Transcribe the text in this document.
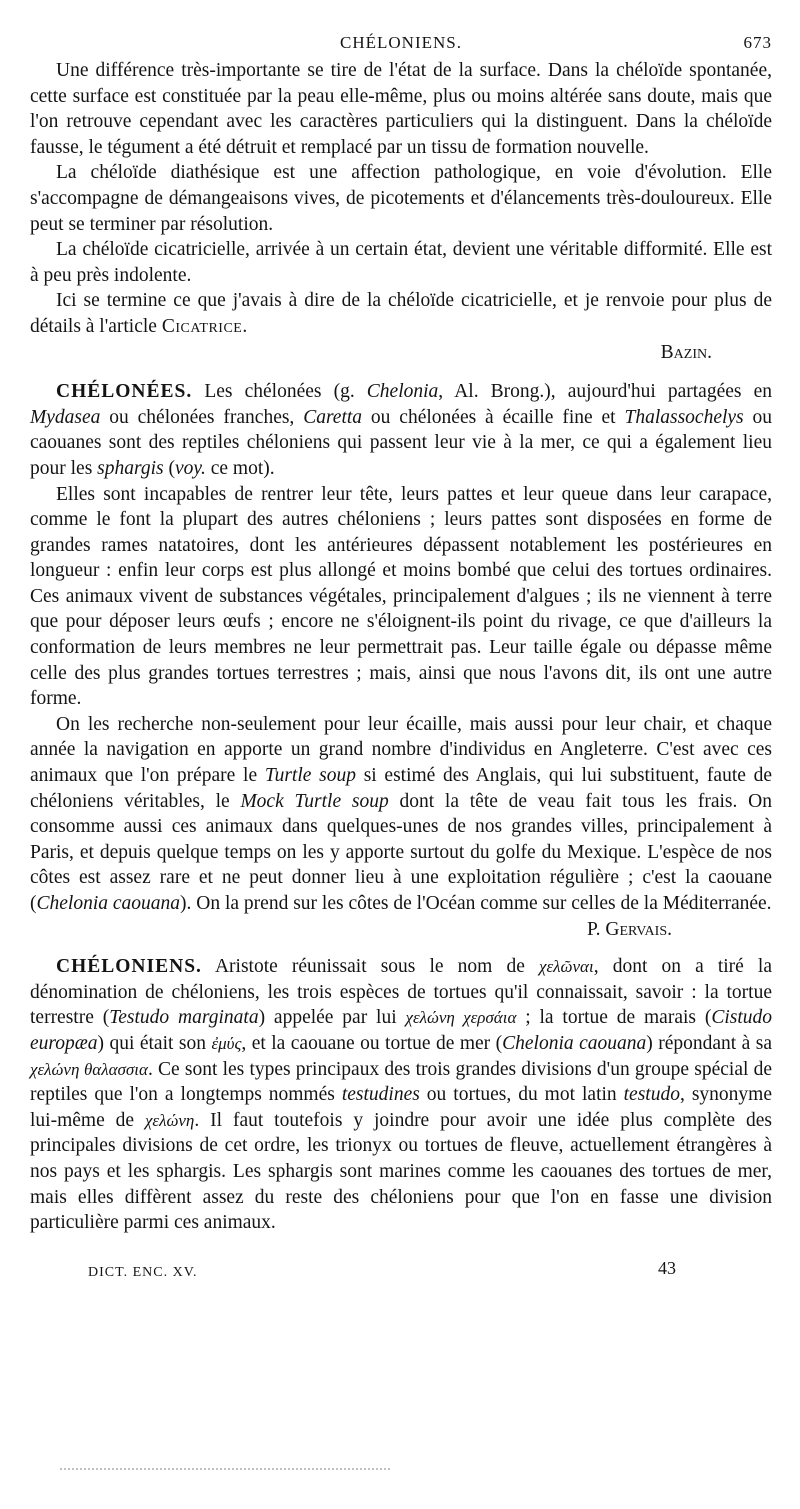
CHÉLONIENS.	673

Une différence très-importante se tire de l'état de la surface. Dans la chéloïde spontanée, cette surface est constituée par la peau elle-même, plus ou moins altérée sans doute, mais que l'on retrouve cependant avec les caractères particuliers qui la distinguent. Dans la chéloïde fausse, le tégument a été détruit et remplacé par un tissu de formation nouvelle.

La chéloïde diathésique est une affection pathologique, en voie d'évolution. Elle s'accompagne de démangeaisons vives, de picotements et d'élancements très-douloureux. Elle peut se terminer par résolution.

La chéloïde cicatricielle, arrivée à un certain état, devient une véritable difformité. Elle est à peu près indolente.

Ici se termine ce que j'avais à dire de la chéloïde cicatricielle, et je renvoie pour plus de détails à l'article Cicatrice.

Bazin.

CHÉLONÉES. Les chélonées (g. Chelonia, Al. Brong.), aujourd'hui partagées en Mydasea ou chélonées franches, Caretta ou chélonées à écaille fine et Thalassochelys ou caouanes sont des reptiles chéloniens qui passent leur vie à la mer, ce qui a également lieu pour les sphargis (voy. ce mot).

Elles sont incapables de rentrer leur tête, leurs pattes et leur queue dans leur carapace, comme le font la plupart des autres chéloniens ; leurs pattes sont disposées en forme de grandes rames natatoires, dont les antérieures dépassent notablement les postérieures en longueur : enfin leur corps est plus allongé et moins bombé que celui des tortues ordinaires. Ces animaux vivent de substances végétales, principalement d'algues ; ils ne viennent à terre que pour déposer leurs œufs ; encore ne s'éloignent-ils point du rivage, ce que d'ailleurs la conformation de leurs membres ne leur permettrait pas. Leur taille égale ou dépasse même celle des plus grandes tortues terrestres ; mais, ainsi que nous l'avons dit, ils ont une autre forme.

On les recherche non-seulement pour leur écaille, mais aussi pour leur chair, et chaque année la navigation en apporte un grand nombre d'individus en Angleterre. C'est avec ces animaux que l'on prépare le Turtle soup si estimé des Anglais, qui lui substituent, faute de chéloniens véritables, le Mock Turtle soup dont la tête de veau fait tous les frais. On consomme aussi ces animaux dans quelques-unes de nos grandes villes, principalement à Paris, et depuis quelque temps on les y apporte surtout du golfe du Mexique. L'espèce de nos côtes est assez rare et ne peut donner lieu à une exploitation régulière ; c'est la caouane (Chelonia caouana). On la prend sur les côtes de l'Océan comme sur celles de la Méditerranée.

P. Gervais.

CHÉLONIENS. Aristote réunissait sous le nom de χελῶναι, dont on a tiré la dénomination de chéloniens, les trois espèces de tortues qu'il connaissait, savoir : la tortue terrestre (Testudo marginata) appelée par lui χελώνη χερσάια ; la tortue de marais (Cistudo europæa) qui était son ἐμύς, et la caouane ou tortue de mer (Chelonia caouana) répondant à sa χελώνη θαλασσια. Ce sont les types principaux des trois grandes divisions d'un groupe spécial de reptiles que l'on a longtemps nommés testudines ou tortues, du mot latin testudo, synonyme lui-même de χελώνη. Il faut toutefois y joindre pour avoir une idée plus complète des principales divisions de cet ordre, les trionyx ou tortues de fleuve, actuellement étrangères à nos pays et les sphargis. Les sphargis sont marines comme les caouanes des tortues de mer, mais elles diffèrent assez du reste des chéloniens pour que l'on en fasse une division particulière parmi ces animaux.

DICT. ENC. XV.	43
